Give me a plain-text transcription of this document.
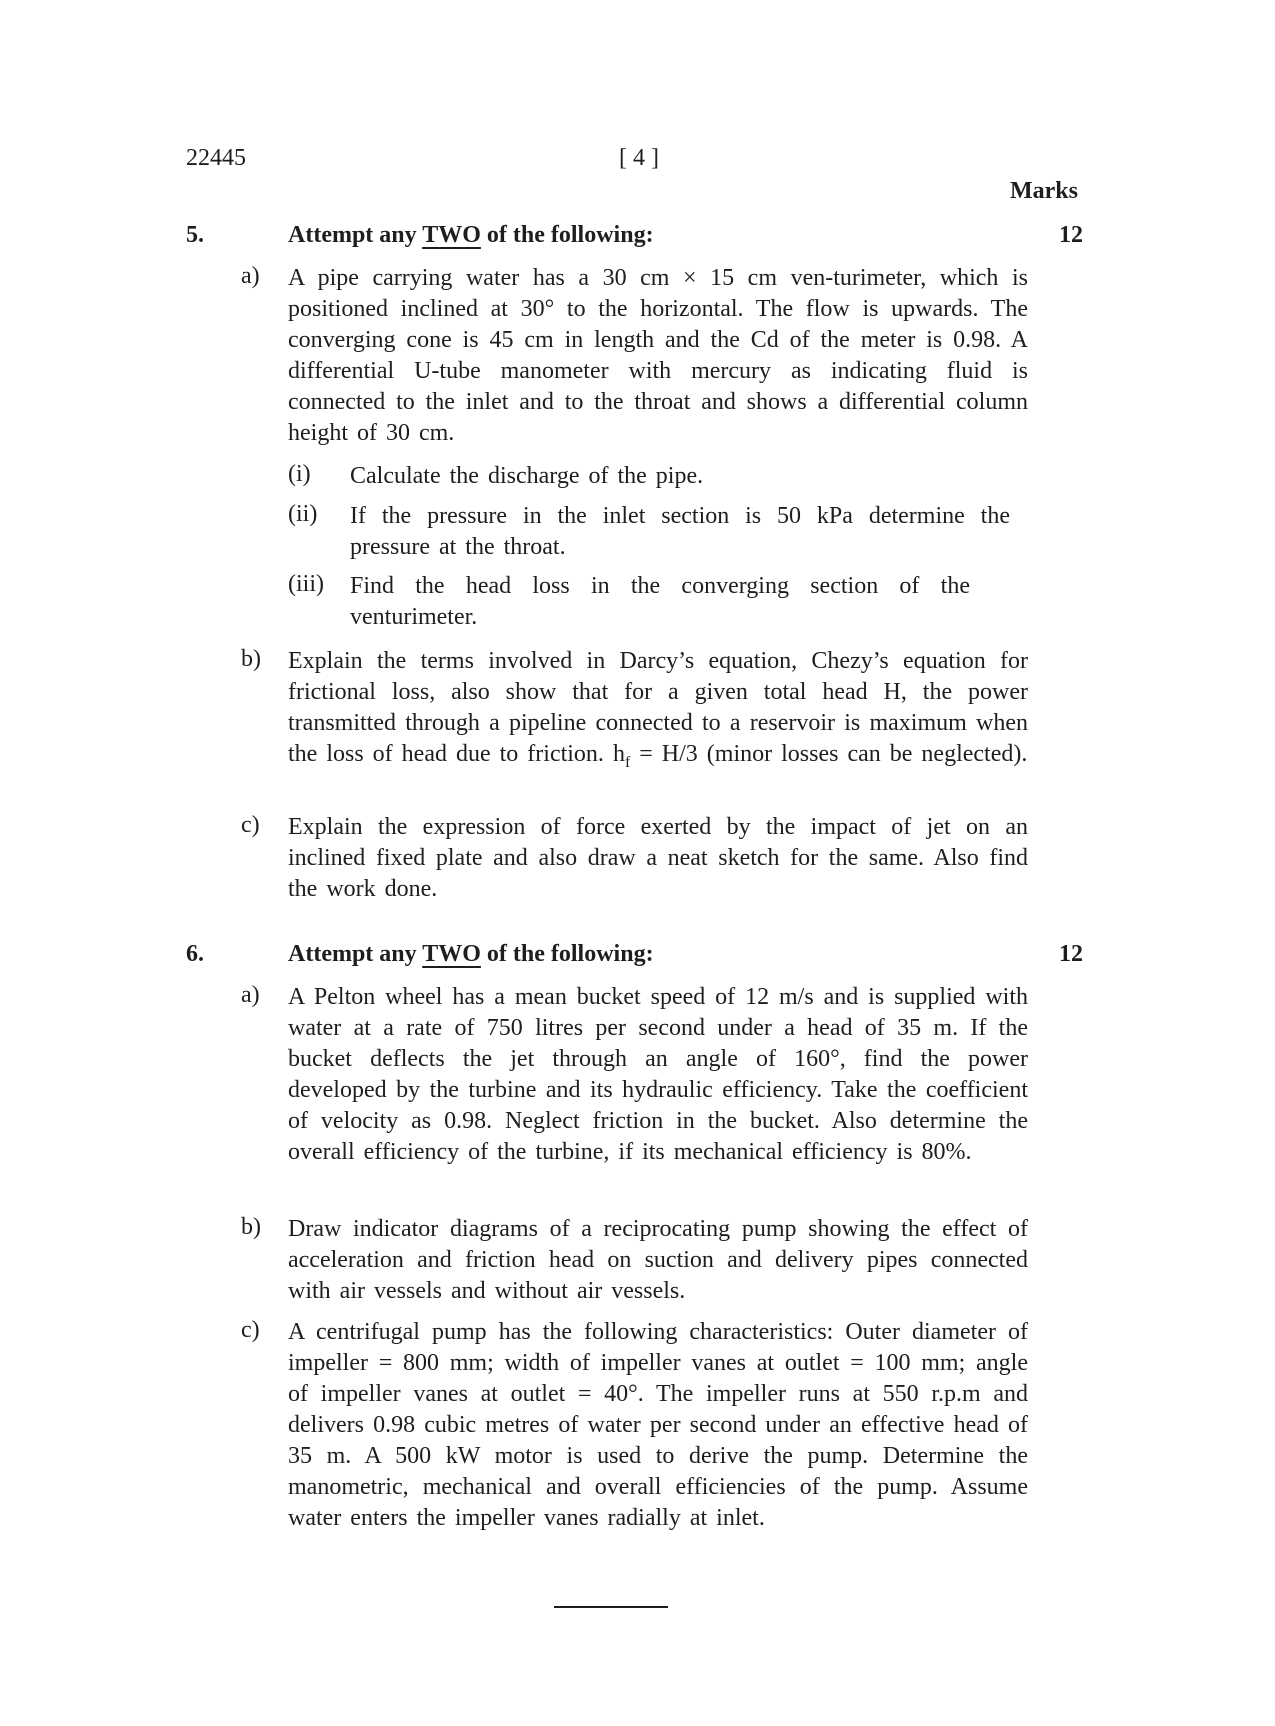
22445	[ 4 ]
Marks
5.	Attempt any TWO of the following:	12
a) A pipe carrying water has a 30 cm × 15 cm ven-turimeter, which is positioned inclined at 30° to the horizontal. The flow is upwards. The converging cone is 45 cm in length and the Cd of the meter is 0.98. A differential U-tube manometer with mercury as indicating fluid is connected to the inlet and to the throat and shows a differential column height of 30 cm.
(i) Calculate the discharge of the pipe.
(ii) If the pressure in the inlet section is 50 kPa determine the pressure at the throat.
(iii) Find the head loss in the converging section of the venturimeter.
b) Explain the terms involved in Darcy’s equation, Chezy’s equation for frictional loss, also show that for a given total head H, the power transmitted through a pipeline connected to a reservoir is maximum when the loss of head due to friction. $h_f = H/3$ (minor losses can be neglected).
c) Explain the expression of force exerted by the impact of jet on an inclined fixed plate and also draw a neat sketch for the same. Also find the work done.
6.	Attempt any TWO of the following:	12
a) A Pelton wheel has a mean bucket speed of 12 m/s and is supplied with water at a rate of 750 litres per second under a head of 35 m. If the bucket deflects the jet through an angle of 160°, find the power developed by the turbine and its hydraulic efficiency. Take the coefficient of velocity as 0.98. Neglect friction in the bucket. Also determine the overall efficiency of the turbine, if its mechanical efficiency is 80%.
b) Draw indicator diagrams of a reciprocating pump showing the effect of acceleration and friction head on suction and delivery pipes connected with air vessels and without air vessels.
c) A centrifugal pump has the following characteristics: Outer diameter of impeller = 800 mm; width of impeller vanes at outlet = 100 mm; angle of impeller vanes at outlet = 40°. The impeller runs at 550 r.p.m and delivers 0.98 cubic metres of water per second under an effective head of 35 m. A 500 kW motor is used to derive the pump. Determine the manometric, mechanical and overall efficiencies of the pump. Assume water enters the impeller vanes radially at inlet.
